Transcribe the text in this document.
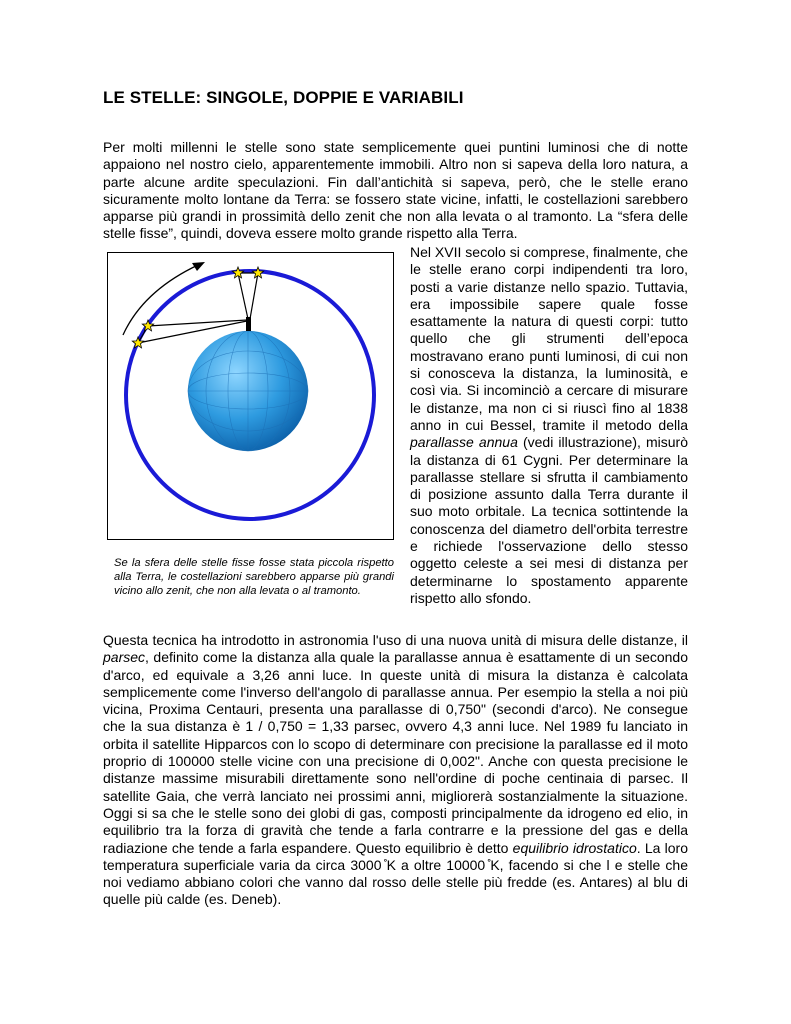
LE STELLE: SINGOLE, DOPPIE E VARIABILI

Per molti millenni le stelle sono state semplicemente quei puntini luminosi che di notte appaiono nel nostro cielo, apparentemente immobili. Altro non si sapeva della loro natura, a parte alcune ardite speculazioni. Fin dall’antichità si sapeva, però, che le stelle erano sicuramente molto lontane da Terra: se fossero state vicine, infatti, le costellazioni sarebbero apparse più grandi in prossimità dello zenit che non alla levata o al tramonto. La “sfera delle stelle fisse”, quindi, doveva essere molto grande rispetto alla Terra.

Se la sfera delle stelle fisse fosse stata piccola rispetto alla Terra, le costellazioni sarebbero apparse più grandi vicino allo zenit, che non alla levata o al tramonto.

Nel XVII secolo si comprese, finalmente, che le stelle erano corpi indipendenti tra loro, posti a varie distanze nello spazio. Tuttavia, era impossibile sapere quale fosse esattamente la natura di questi corpi: tutto quello che gli strumenti dell’epoca mostravano erano punti luminosi, di cui non si conosceva la distanza, la luminosità, e così via. Si incominciò a cercare di misurare le distanze, ma non ci si riuscì fino al 1838 anno in cui Bessel, tramite il metodo della parallasse annua (vedi illustrazione), misurò la distanza di 61 Cygni. Per determinare la parallasse stellare si sfrutta il cambiamento di posizione assunto dalla Terra durante il suo moto orbitale. La tecnica sottintende la conoscenza del diametro dell'orbita terrestre e richiede l'osservazione dello stesso oggetto celeste a sei mesi di distanza per determinarne lo spostamento apparente rispetto allo sfondo.

Questa tecnica ha introdotto in astronomia l'uso di una nuova unità di misura delle distanze, il parsec, definito come la distanza alla quale la parallasse annua è esattamente di un secondo d'arco, ed equivale a 3,26 anni luce. In queste unità di misura la distanza è calcolata semplicemente come l'inverso dell'angolo di parallasse annua. Per esempio la stella a noi più vicina, Proxima Centauri, presenta una parallasse di 0,750" (secondi d'arco). Ne consegue che la sua distanza è 1 / 0,750 = 1,33 parsec, ovvero 4,3 anni luce. Nel 1989 fu lanciato in orbita il satellite Hipparcos con lo scopo di determinare con precisione la parallasse ed il moto proprio di 100000 stelle vicine con una precisione di 0,002". Anche con questa precisione le distanze massime misurabili direttamente sono nell'ordine di poche centinaia di parsec. Il satellite Gaia, che verrà lanciato nei prossimi anni, migliorerà sostanzialmente la situazione. Oggi si sa che le stelle sono dei globi di gas, composti principalmente da idrogeno ed elio, in equilibrio tra la forza di gravità che tende a farla contrarre e la pressione del gas e della radiazione che tende a farla espandere. Questo equilibrio è detto equilibrio idrostatico. La loro temperatura superficiale varia da circa 3000 ̊K a oltre 10000 ̊K, facendo si che l e stelle che noi vediamo abbiano colori che vanno dal rosso delle stelle più fredde (es. Antares) al blu di quelle più calde (es. Deneb).
